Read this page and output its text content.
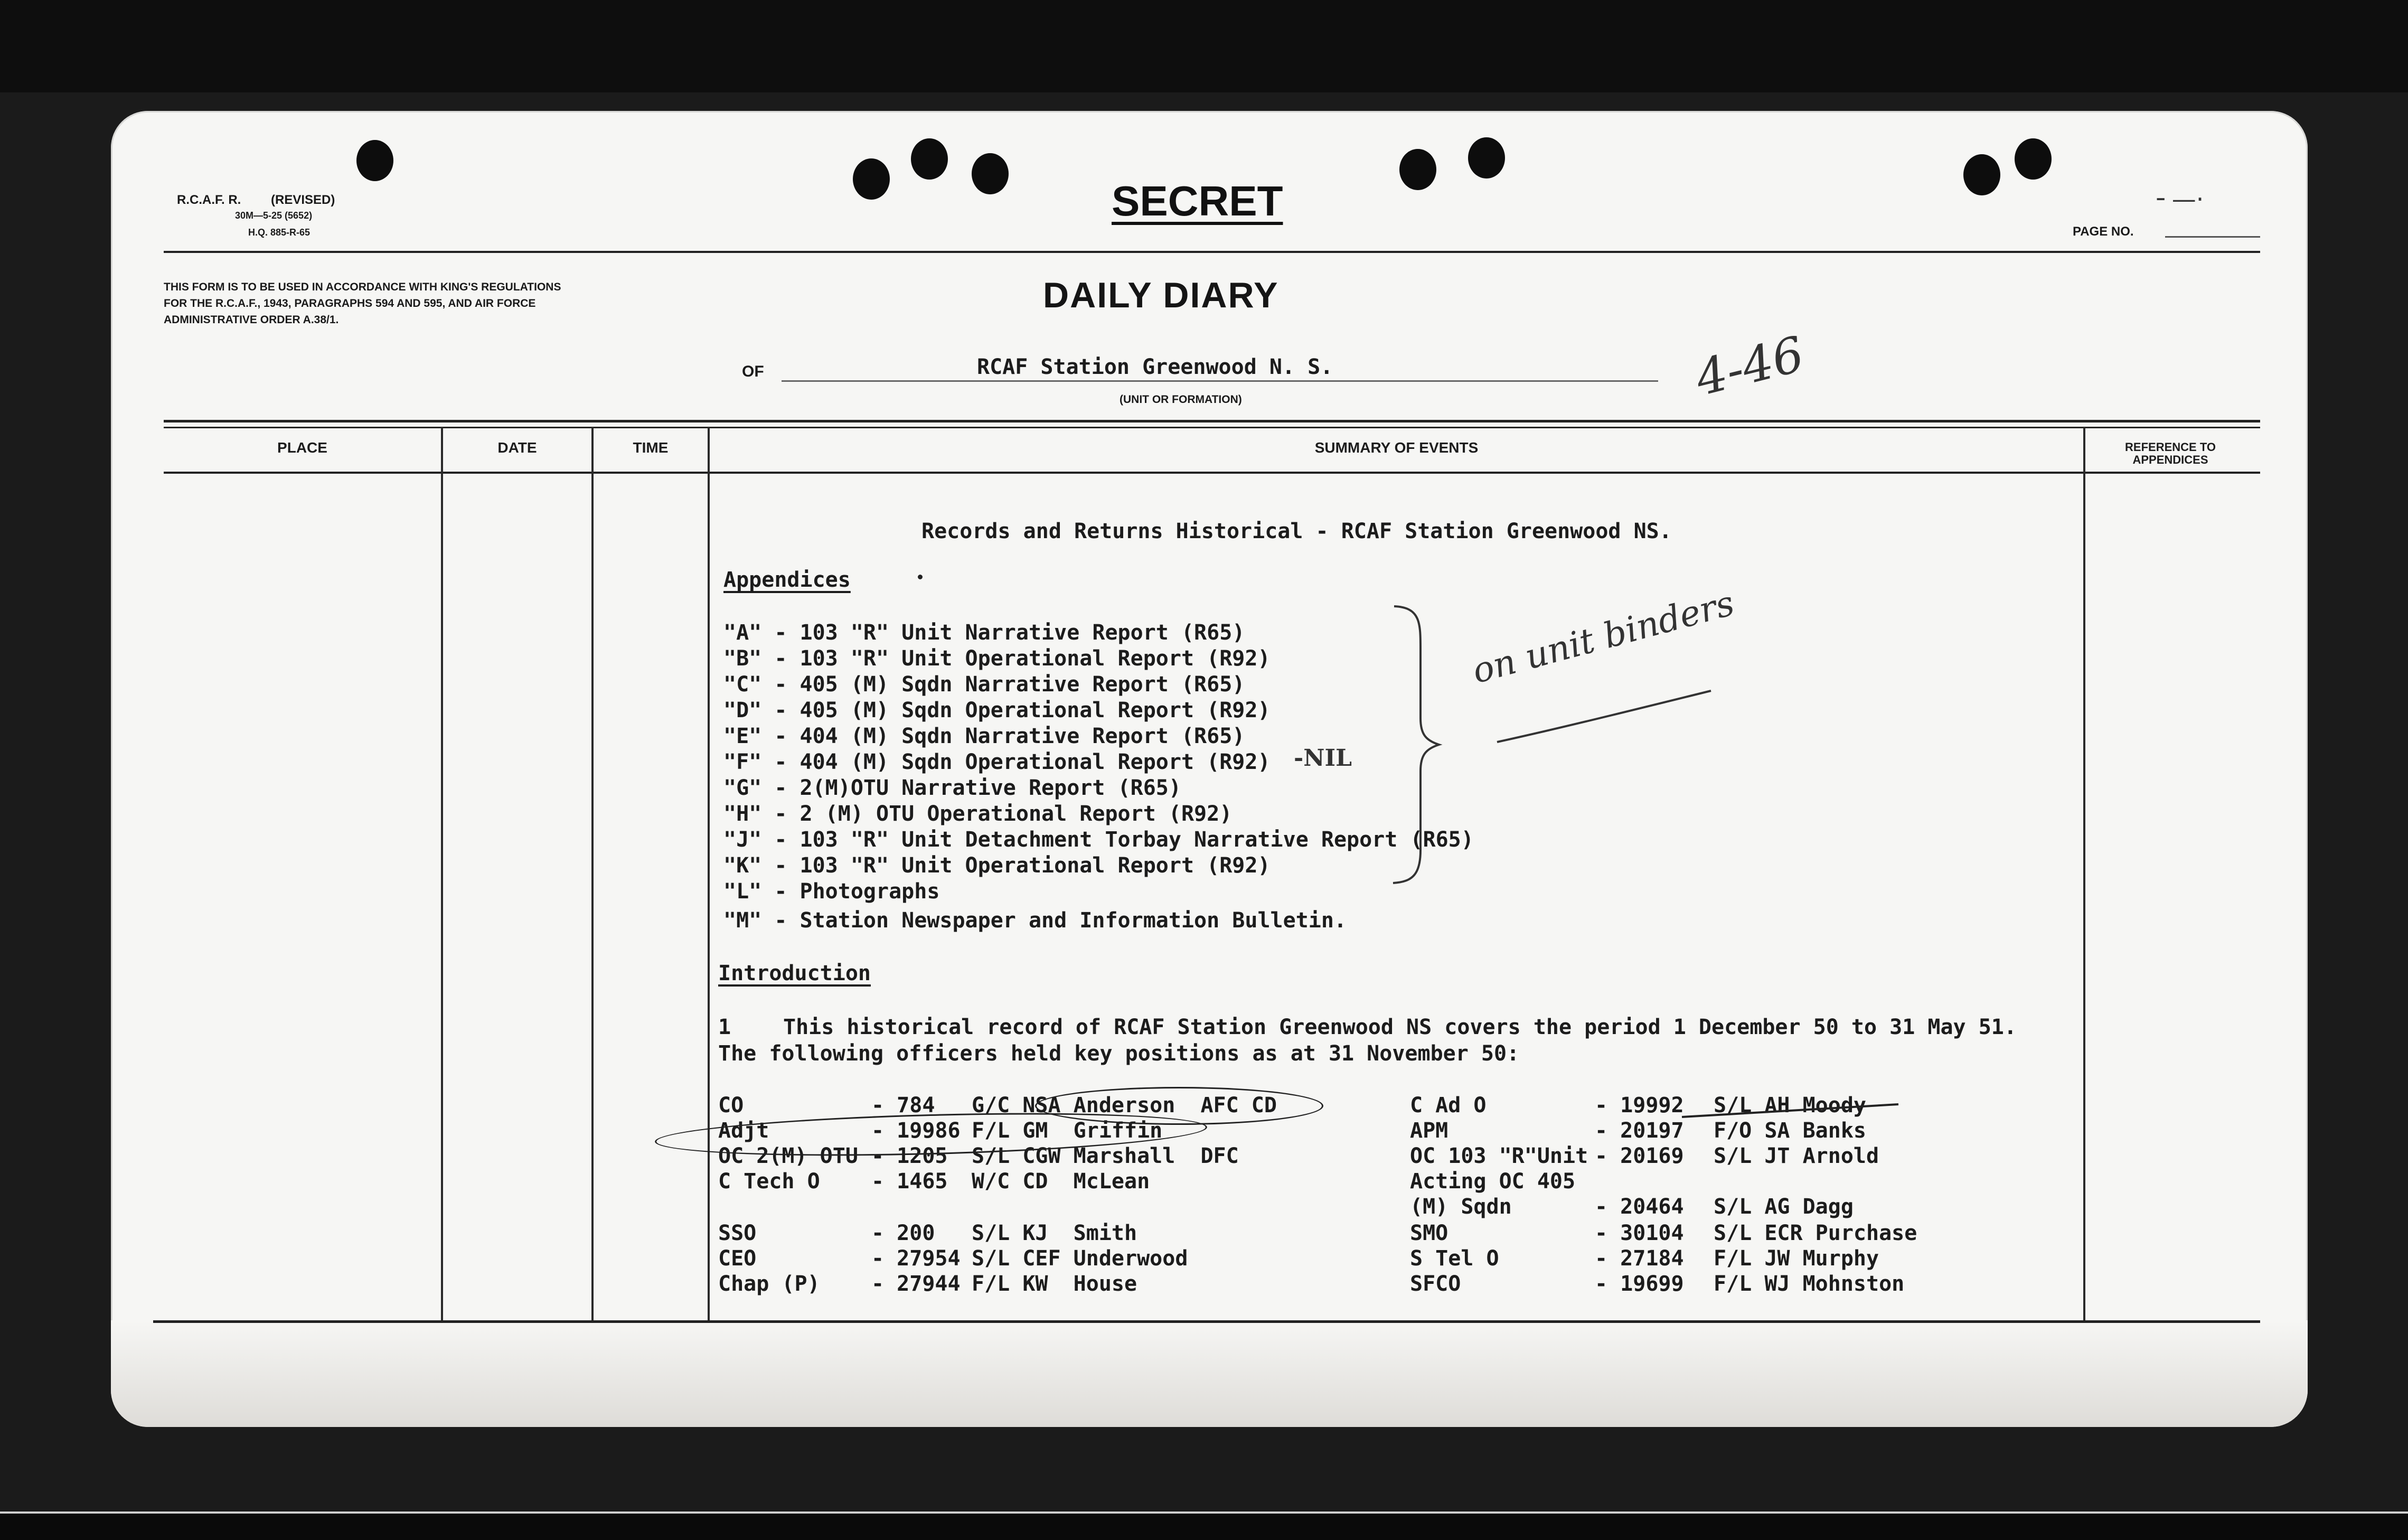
R.C.A.F. R. (REVISED)
30M—5-25 (5652)
H.Q. 885-R-65
SECRET	╴—·
PAGE NO.
THIS FORM IS TO BE USED IN ACCORDANCE WITH KING'S REGULATIONS FOR THE R.C.A.F., 1943, PARAGRAPHS 594 AND 595, AND AIR FORCE ADMINISTRATIVE ORDER A.38/1.
DAILY DIARY
OF	RCAF Station Greenwood N. S.
(UNIT OR FORMATION)	4-46
PLACE	DATE	TIME	SUMMARY OF EVENTS	REFERENCE TO APPENDICES
Records and Returns Historical - RCAF Station Greenwood NS.
Appendices
"A" - 103 "R" Unit Narrative Report (R65)
"B" - 103 "R" Unit Operational Report (R92)
"C" - 405 (M) Sqdn Narrative Report (R65)
"D" - 405 (M) Sqdn Operational Report (R92)
"E" - 404 (M) Sqdn Narrative Report (R65)
"F" - 404 (M) Sqdn Operational Report (R92)
"G" - 2(M)OTU Narrative Report (R65)
"H" - 2 (M) OTU Operational Report (R92)
"J" - 103 "R" Unit Detachment Torbay Narrative Report (R65)
"K" - 103 "R" Unit Operational Report (R92)
"L" - Photographs
"M" - Station Newspaper and Information Bulletin.
-NIL
on unit binders
Introduction
1 This historical record of RCAF Station Greenwood NS covers the period 1 December 50 to 31 May 51.
The following officers held key positions as at 31 November 50:
CO	- 784 G/C NSA Anderson  AFC CD
Adjt	- 19986 F/L GM  Griffin
OC 2(M) OTU - 1205 S/L CGW Marshall  DFC
C Tech O - 1465 W/C CD  McLean
SSO	- 200 S/L KJ  Smith
CEO	- 27954 S/L CEF Underwood
Chap (P) - 27944 F/L KW  House
C Ad O	- 19992 S/L AH Moody
APM	- 20197 F/O SA Banks
OC 103 "R"Unit - 20169 S/L JT Arnold
Acting OC 405
(M) Sqdn	- 20464 S/L AG Dagg
SMO	- 30104 S/L ECR Purchase
S Tel O	- 27184 F/L JW Murphy
SFCO	- 19699 F/L WJ Mohnston
